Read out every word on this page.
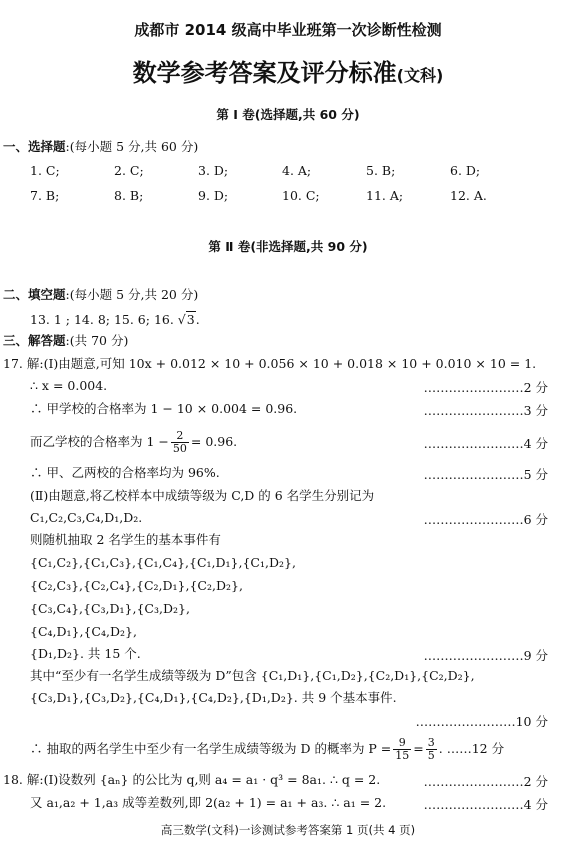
成都市 2014 级高中毕业班第一次诊断性检测
数学参考答案及评分标准(文科)
第 Ⅰ 卷(选择题,共 60 分)
一、选择题:(每小题 5 分,共 60 分)
1. C;	2. C;	3. D;	4. A;	5. B;	6. D;
7. B;	8. B;	9. D;	10. C;	11. A;	12. A.
第 Ⅱ 卷(非选择题,共 90 分)
二、填空题:(每小题 5 分,共 20 分)
13. 1 ; 14. 8; 15. 6; 16. √3.
三、解答题:(共 70 分)
17. 解:(Ⅰ)由题意,可知 10x + 0.012 × 10 + 0.056 × 10 + 0.018 × 10 + 0.010 × 10 = 1.
∴ x = 0.004.	……………………2 分
∴ 甲学校的合格率为 1 − 10 × 0.004 = 0.96.	……………………3 分
而乙学校的合格率为 $1 - \frac{2}{50} = 0.96$.	……………………4 分
∴ 甲、乙两校的合格率均为 96%.	……………………5 分
(Ⅱ)由题意,将乙校样本中成绩等级为 C,D 的 6 名学生分别记为
C₁,C₂,C₃,C₄,D₁,D₂.	……………………6 分
则随机抽取 2 名学生的基本事件有
{C₁,C₂},{C₁,C₃},{C₁,C₄},{C₁,D₁},{C₁,D₂},
{C₂,C₃},{C₂,C₄},{C₂,D₁},{C₂,D₂},
{C₃,C₄},{C₃,D₁},{C₃,D₂},
{C₄,D₁},{C₄,D₂},
{D₁,D₂}. 共 15 个.	……………………9 分
其中“至少有一名学生成绩等级为 D”包含 {C₁,D₁},{C₁,D₂},{C₂,D₁},{C₂,D₂},
{C₃,D₁},{C₃,D₂},{C₄,D₁},{C₄,D₂},{D₁,D₂}. 共 9 个基本事件.
……………………10 分
∴ 抽取的两名学生中至少有一名学生成绩等级为 D 的概率为 $P = \frac{9}{15} = \frac{3}{5}$ . ……12 分
18. 解:(Ⅰ)设数列 {aₙ} 的公比为 q,则 a₄ = a₁ · q³ = 8a₁. ∴ q = 2.	……………………2 分
又 a₁,a₂ + 1,a₃ 成等差数列,即 2(a₂ + 1) = a₁ + a₃. ∴ a₁ = 2.	……………………4 分
高三数学(文科)一诊测试参考答案第 1 页(共 4 页)
